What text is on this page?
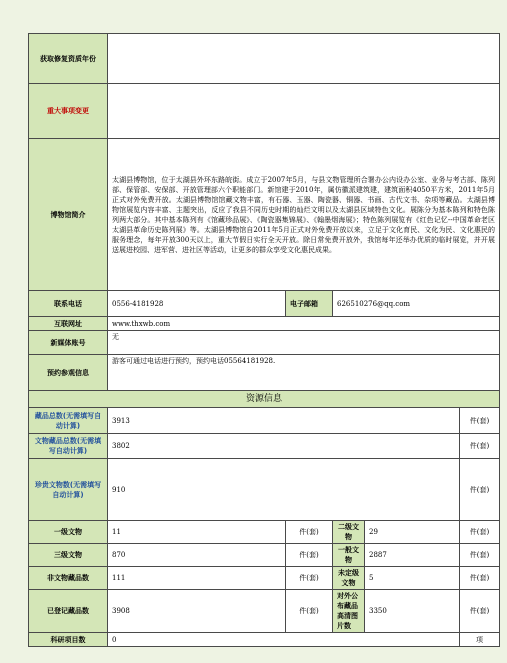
获取修复资质年份					
重大事项变更					
博物馆简介	太湖县博物馆，位于太湖县外环东路皖街。成立于2007年5月，与县文物管理所合署办公内设办公室、业务与考古部、陈列部、保管部、安保部、开放管理部六个职能部门。新馆建于2010年，属仿徽派建筑建，建筑面积4050平方米，2011年5月正式对外免费开放。太湖县博物馆馆藏文物丰富，有石器、玉器、陶瓷器、铜器、书画、古代文书、杂项等藏品。太湖县博物馆展览内容丰富、主题突出，反应了我县不同历史时期的灿烂文明以及太湖县区域特色文化。展陈分为基本陈列和特色陈列两大部分。其中基本陈列有《馆藏珍品展》、《陶瓷器集锦展》、《翰墨烟海展》；特色陈列展览有《红色记忆--中国革命老区太湖县革命历史陈列展》等。太湖县博物馆自2011年5月正式对外免费开放以来，立足于文化育民、文化为民、文化惠民的服务理念，每年开放300天以上，重大节假日实行全天开放。除日常免费开放外，我馆每年还举办优质的临时展览，并开展送展进校园、进军营、进社区等活动，让更多的群众享受文化惠民成果。				
联系电话	0556-4181928	电子邮箱	626510276@qq.com		
互联网址	www.thxwb.com				
新媒体账号	无				
预约参观信息	游客可通过电话进行预约，预约电话05564181928.				
资源信息					
藏品总数(无需填写自动计算)	3913				件(套)
文物藏品总数(无需填写自动计算)	3802				件(套)
珍贵文物数(无需填写自动计算)	910				件(套)
一级文物	11	件(套)	二级文物	29	件(套)
三级文物	870	件(套)	一般文物	2887	件(套)
非文物藏品数	111	件(套)	未定级文物	5	件(套)
已登记藏品数	3908	件(套)	对外公布藏品高清图片数	3350	件(套)
科研项目数	0				项
